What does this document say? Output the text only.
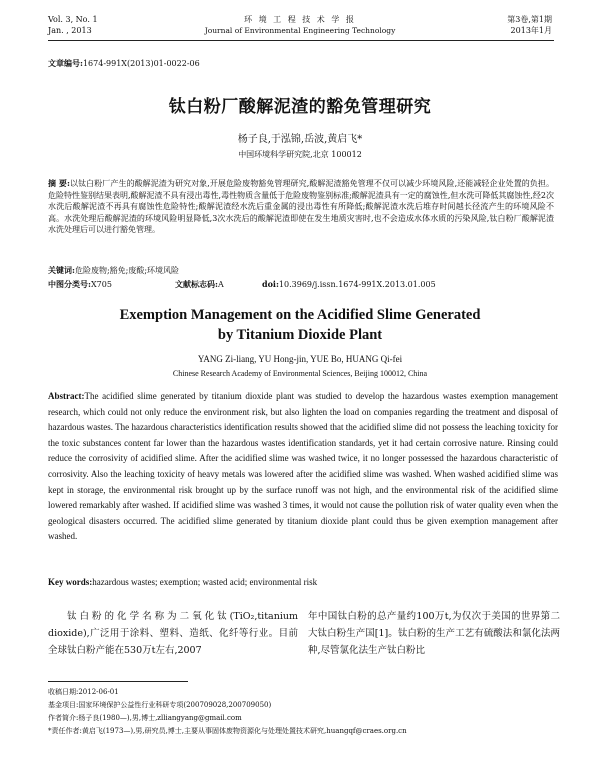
Vol. 3, No. 1
Jan. , 2013
环 境 工 程 技 术 学 报
Journal of Environmental Engineering Technology
第3卷,第1期
2013年1月
文章编号:1674-991X(2013)01-0022-06
钛白粉厂酸解泥渣的豁免管理研究
杨子良,于泓锦,岳波,黄启飞*
中国环境科学研究院,北京 100012
摘 要:以钛白粉厂产生的酸解泥渣为研究对象,开展危险废物豁免管理研究,酸解泥渣豁免管理不仅可以减少环境风险,还能减轻企业处置的负担。危险特性鉴别结果表明,酸解泥渣不具有浸出毒性,毒性物质含量低于危险废物鉴别标准;酸解泥渣具有一定的腐蚀性,但水洗可降低其腐蚀性,经2次水洗后酸解泥渣不再具有腐蚀性危险特性;酸解泥渣经水洗后重金属的浸出毒性有所降低;酸解泥渣水洗后堆存时间越长径流产生的环境风险不高。水洗处理后酸解泥渣的环境风险明显降低,3次水洗后的酸解泥渣即使在发生地质灾害时,也不会造成水体水质的污染风险,钛白粉厂酸解泥渣水洗处理后可以进行豁免管理。
关键词:危险废物;豁免;废酸;环境风险
中图分类号:X705	文献标志码:A	doi:10.3969/j.issn.1674-991X.2013.01.005
Exemption Management on the Acidified Slime Generated
by Titanium Dioxide Plant
YANG Zi-liang, YU Hong-jin, YUE Bo, HUANG Qi-fei
Chinese Research Academy of Environmental Sciences, Beijing 100012, China
Abstract:The acidified slime generated by titanium dioxide plant was studied to develop the hazardous wastes exemption management research, which could not only reduce the environment risk, but also lighten the load on companies regarding the treatment and disposal of hazardous wastes. The hazardous characteristics identification results showed that the acidified slime did not possess the leaching toxicity for the toxic substances content far lower than the hazardous wastes identification standards, yet it had certain corrosive nature. Rinsing could reduce the corrosivity of acidified slime. After the acidified slime was washed twice, it no longer possessed the hazardous characteristic of corrosivity. Also the leaching toxicity of heavy metals was lowered after the acidified slime was washed. When washed acidified slime was kept in storage, the environmental risk brought up by the surface runoff was not high, and the environmental risk of the acidified slime lowered remarkably after washed. If acidified slime was washed 3 times, it would not cause the pollution risk of water quality even when the geological disasters occurred. The acidified slime generated by titanium dioxide plant could thus be given exemption management after washed.
Key words:hazardous wastes; exemption; wasted acid; environmental risk

钛白粉的化学名称为二氧化钛(TiO₂,titanium dioxide),广泛用于涂料、塑料、造纸、化纤等行业。目前全球钛白粉产能在530万t左右,2007

年中国钛白粉的总产量约100万t,为仅次于美国的世界第二大钛白粉生产国[1]。钛白粉的生产工艺有硫酸法和氯化法两种,尽管氯化法生产钛白粉比

收稿日期:2012-06-01
基金项目:国家环境保护公益性行业科研专项(200709028,200709050)
作者简介:杨子良(1980—),男,博士,zlliangyang@gmail.com
*责任作者:黄启飞(1973—),男,研究员,博士,主要从事固体废物资源化与处理处置技术研究,huangqf@craes.org.cn
